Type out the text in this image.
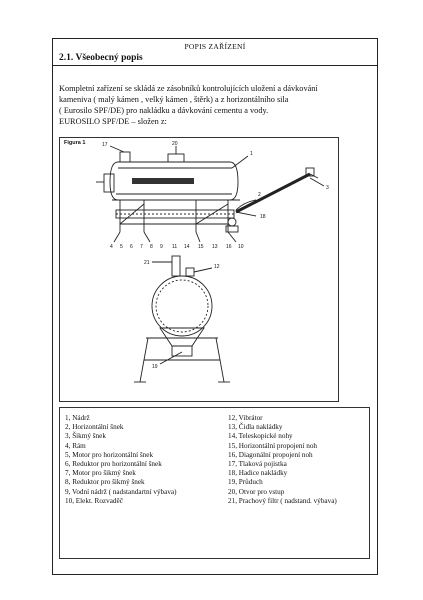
POPIS ZAŘÍZENÍ
2.1. Všeobecný popis
Kompletní zařízení se skládá ze zásobníků kontrolujících uložení a dávkování
kameniva ( malý kámen , velký kámen , štěrk) a z horizontálního sila
( Eurosilo SPF/DE) pro nakládku a dávkování cementu a vody.
EUROSILO SPF/DE – složen z:
Figura 1
spai
17	20
1
2
3
18
4 5 6 7 8 9 11 14 15 13 16 10
21
12
19
1, Nádrž
2, Horizontální šnek
3, Šikmý šnek
4, Rám
5, Motor pro horizontální šnek
6, Reduktor pro horizontální šnek
7, Motor pro šikmý šnek
8, Reduktor pro šikmý šnek
9, Vodní nádrž ( nadstandartní výbava)
10, Elekt. Rozvaděč
12, Vibrátor
13, Čidla nakládky
14, Teleskopické nohy
15, Horizontální propojení noh
16, Diagonální propojení noh
17, Tlaková pojistka
18, Hadice nakládky
19, Průduch
20, Otvor pro vstup
21, Prachový filtr ( nadstand. výbava)
